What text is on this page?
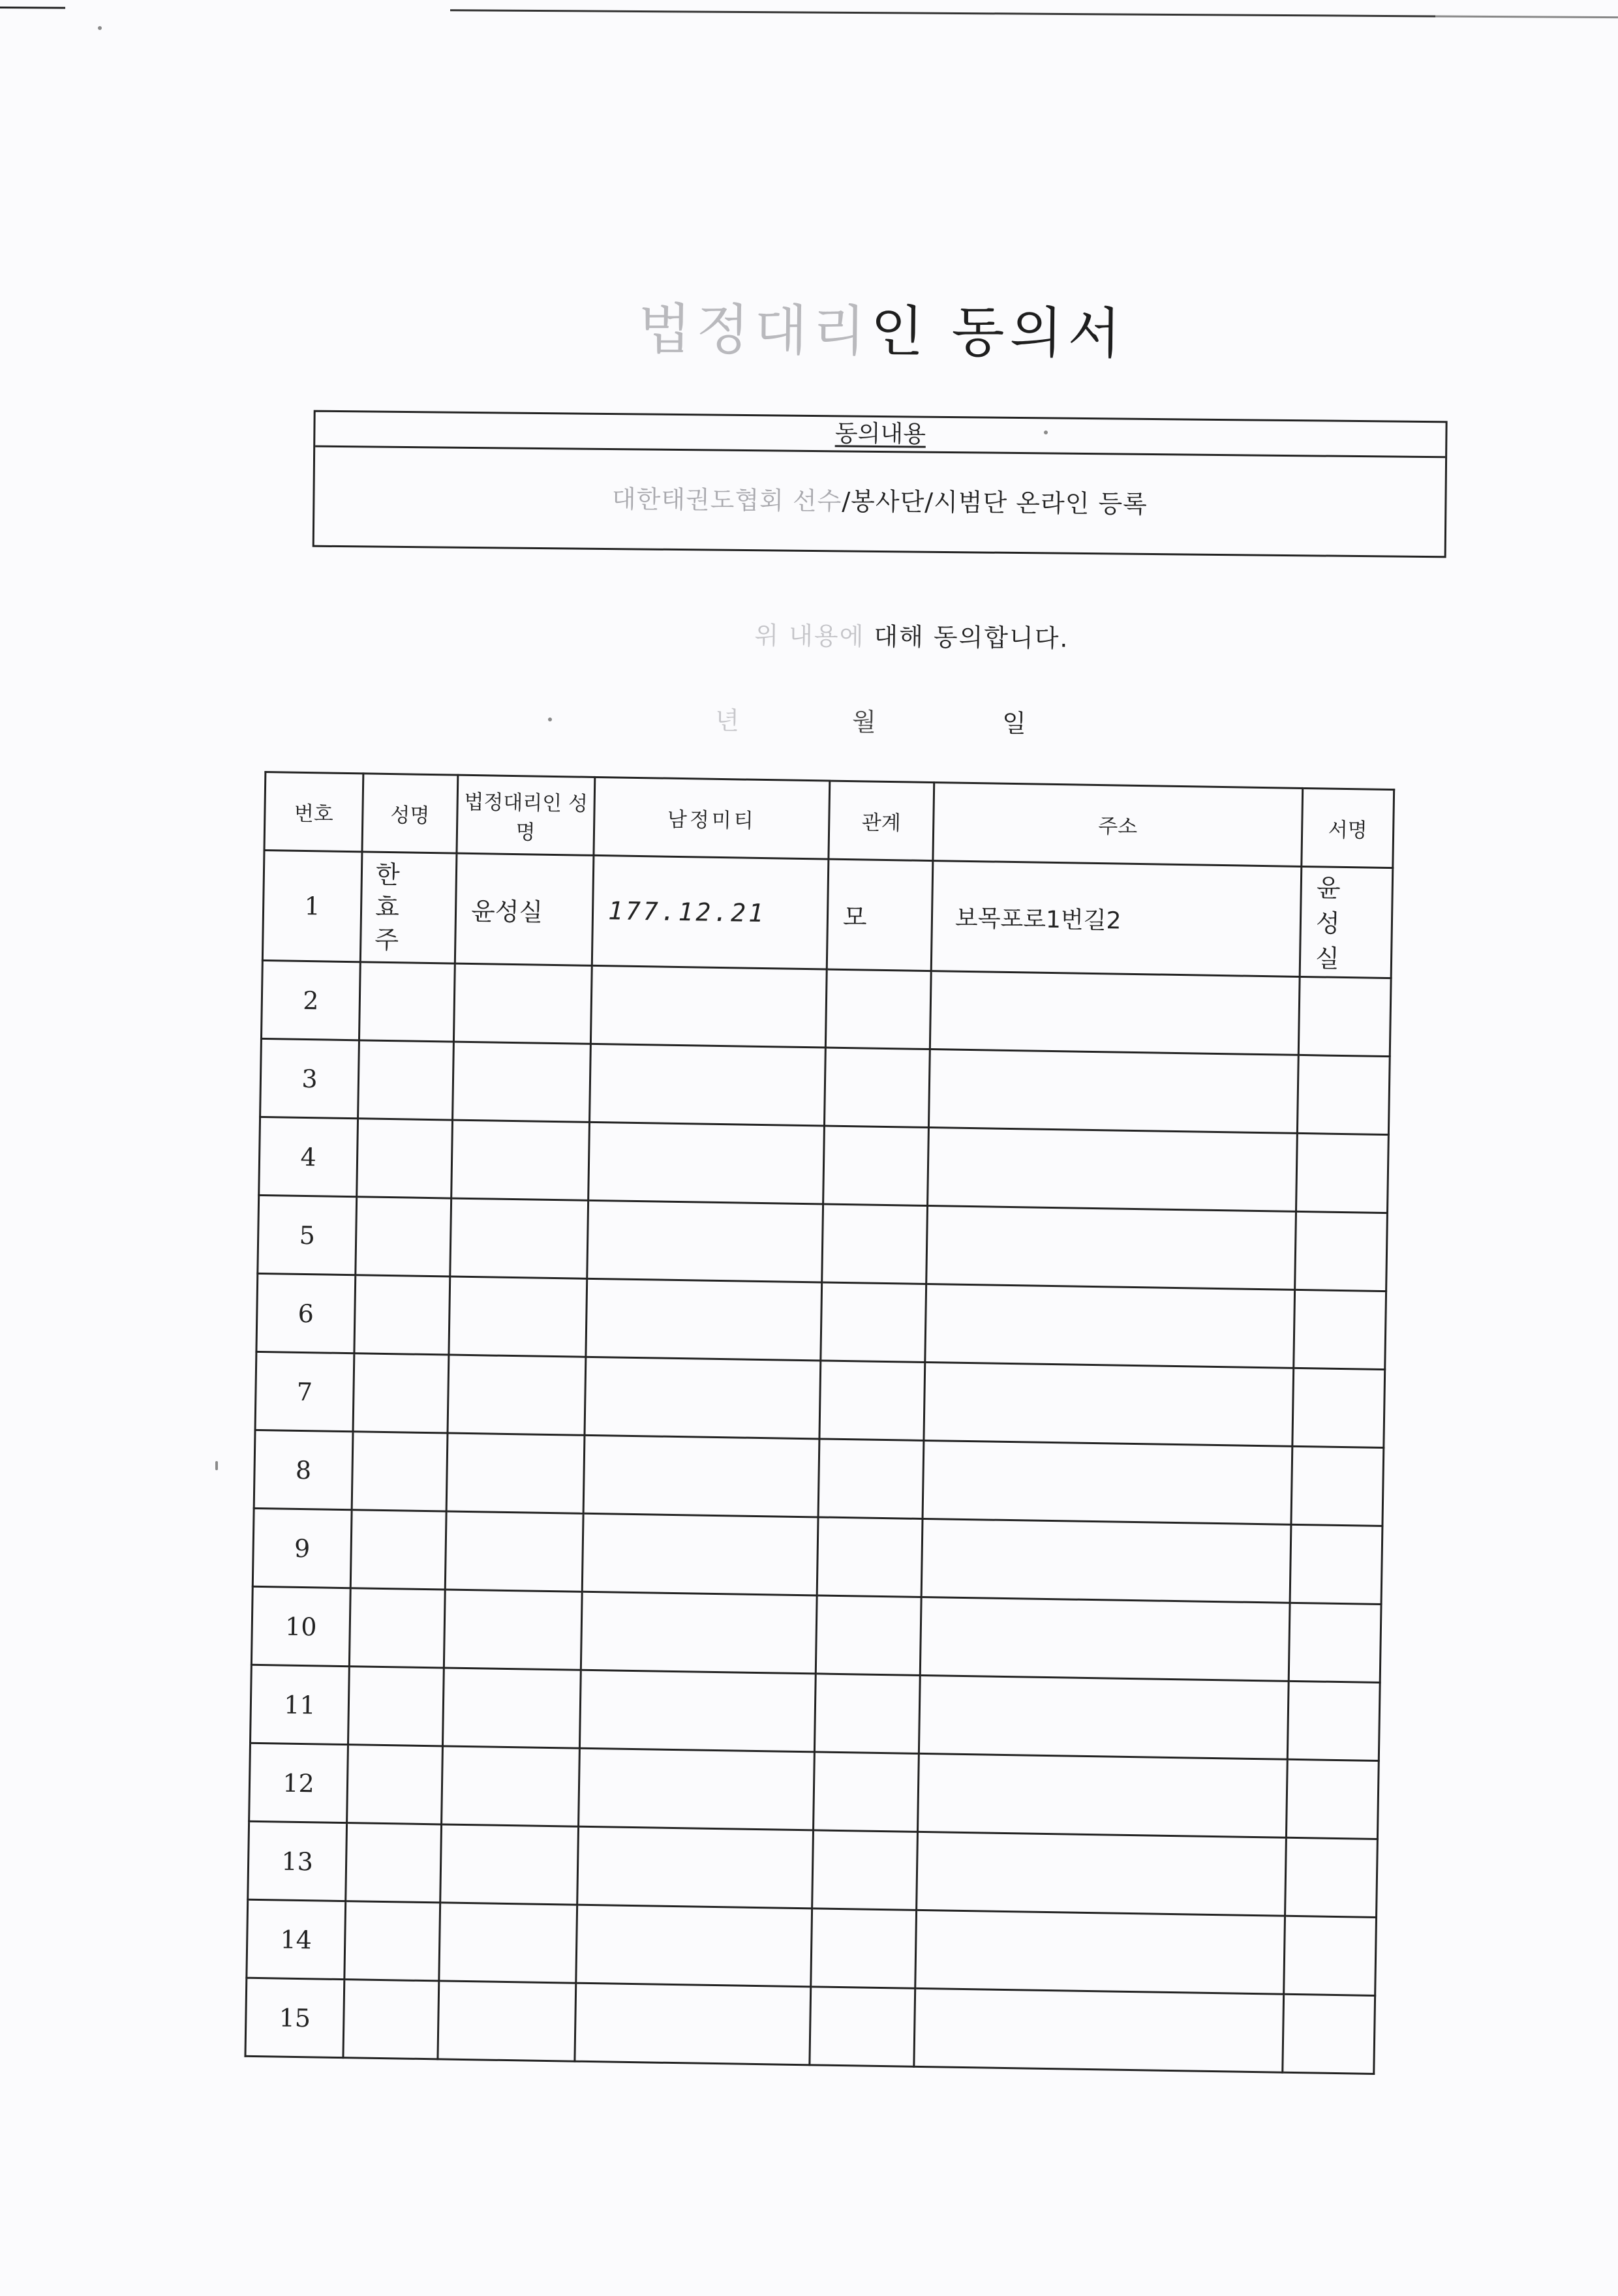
법정대리인 동의서
동의내용
대한태권도협회 선수/봉사단/시범단 온라인 등록
위 내용에 대해 동의합니다.
년	월	일
번호	성명	법정대리인 성명	남정미티	관계	주소	서명
1	한 효 주	윤성실	177.12.21	모	보목포로1번길2	윤 성 실
2						
3						
4						
5						
6						
7						
8						
9						
10						
11						
12						
13						
14						
15						
